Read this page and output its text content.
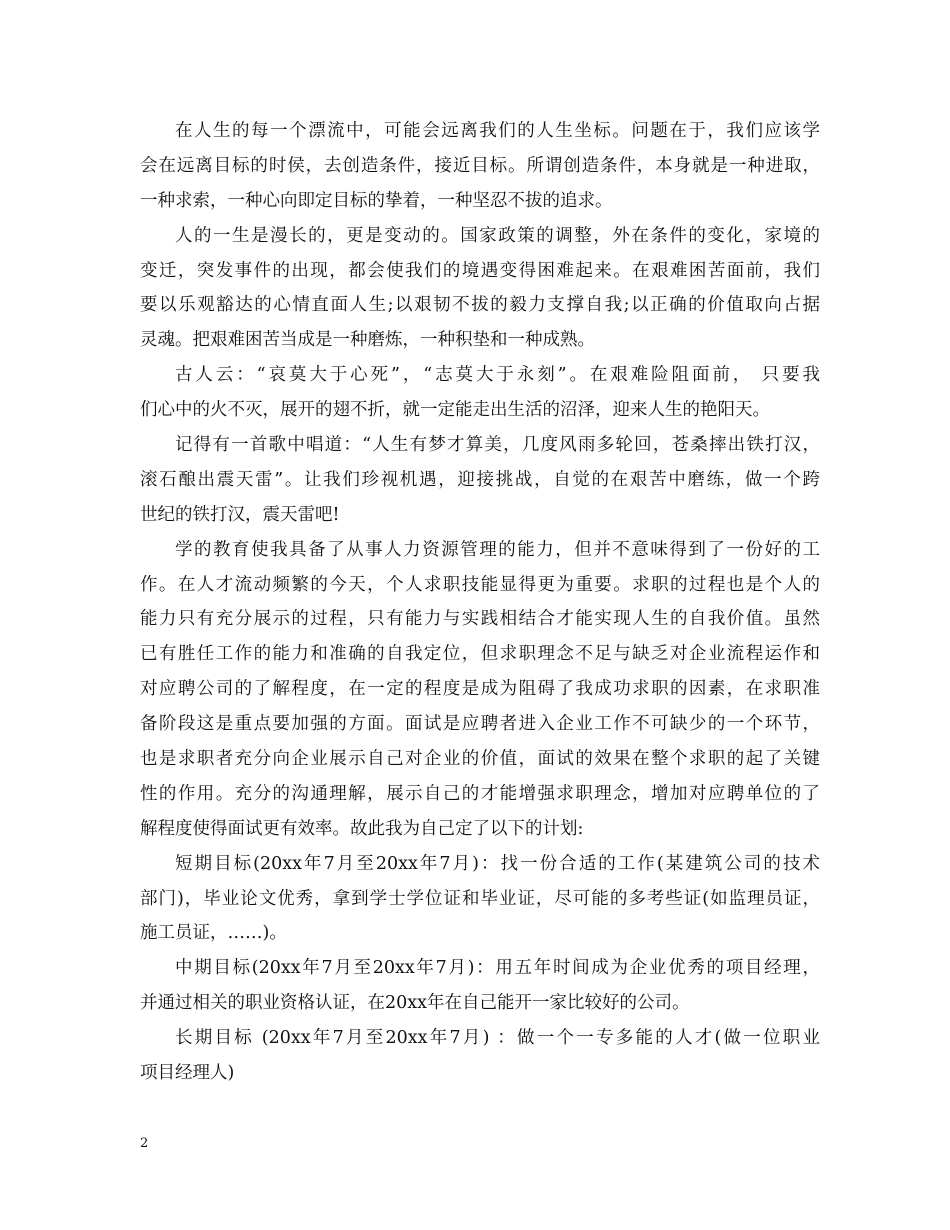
在人生的每一个漂流中，可能会远离我们的人生坐标。问题在于，我们应该学
会在远离目标的时侯，去创造条件，接近目标。所谓创造条件，本身就是一种进取，
一种求索，一种心向即定目标的挚着，一种坚忍不拔的追求。
人的一生是漫长的，更是变动的。国家政策的调整，外在条件的变化，家境的
变迁，突发事件的出现，都会使我们的境遇变得困难起来。在艰难困苦面前，我们
要以乐观豁达的心情直面人生;以艰韧不拔的毅力支撑自我;以正确的价值取向占据
灵魂。把艰难困苦当成是一种磨炼，一种积垫和一种成熟。
古人云：“哀莫大于心死”，“志莫大于永刻”。在艰难险阻面前， 只要我
们心中的火不灭，展开的翅不折，就一定能走出生活的沼泽，迎来人生的艳阳天。
记得有一首歌中唱道：“人生有梦才算美，几度风雨多轮回，苍桑摔出铁打汉，
滚石酿出震天雷”。让我们珍视机遇，迎接挑战，自觉的在艰苦中磨练，做一个跨
世纪的铁打汉，震天雷吧!
学的教育使我具备了从事人力资源管理的能力，但并不意味得到了一份好的工
作。在人才流动频繁的今天，个人求职技能显得更为重要。求职的过程也是个人的
能力只有充分展示的过程，只有能力与实践相结合才能实现人生的自我价值。虽然
已有胜任工作的能力和准确的自我定位，但求职理念不足与缺乏对企业流程运作和
对应聘公司的了解程度，在一定的程度是成为阻碍了我成功求职的因素，在求职准
备阶段这是重点要加强的方面。面试是应聘者进入企业工作不可缺少的一个环节，
也是求职者充分向企业展示自己对企业的价值，面试的效果在整个求职的起了关键
性的作用。充分的沟通理解，展示自己的才能增强求职理念，增加对应聘单位的了
解程度使得面试更有效率。故此我为自己定了以下的计划:
短期目标(20xx年7月至20xx年7月)：找一份合适的工作(某建筑公司的技术
部门)，毕业论文优秀，拿到学士学位证和毕业证，尽可能的多考些证(如监理员证，
施工员证，……)。
中期目标(20xx年7月至20xx年7月)：用五年时间成为企业优秀的项目经理，
并通过相关的职业资格认证，在20xx年在自己能开一家比较好的公司。
长期目标 (20xx年7月至20xx年7月) ：做一个一专多能的人才(做一位职业
项目经理人)
2
